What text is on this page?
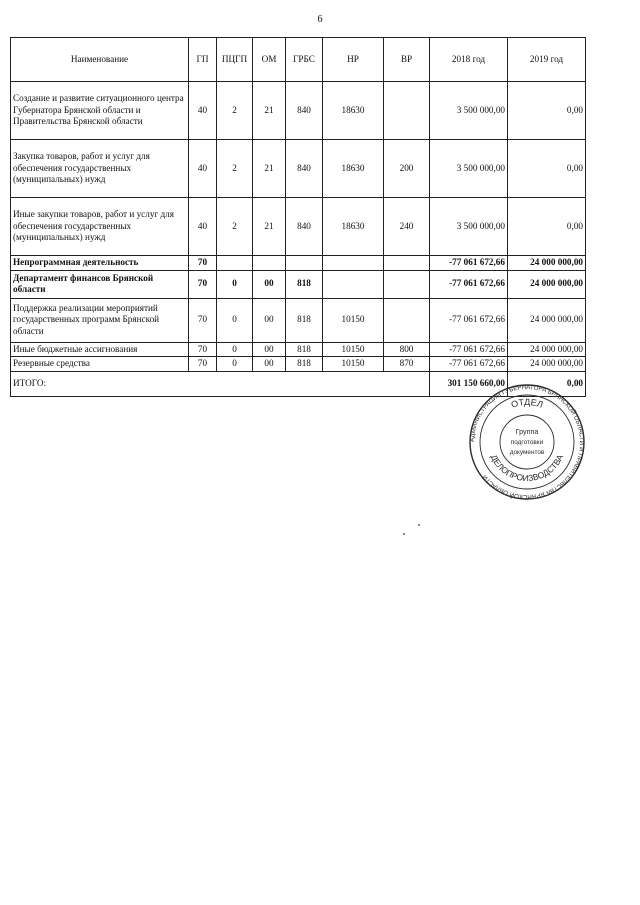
6
Наименование	ГП	ПЦГП	ОМ	ГРБС	НР	ВР	2018 год	2019 год
Создание и развитие ситуационного центра Губернатора Брянской области и Правительства Брянской области	40	2	21	840	18630		3 500 000,00	0,00
Закупка товаров, работ и услуг для обеспечения государственных (муниципальных) нужд	40	2	21	840	18630	200	3 500 000,00	0,00
Иные закупки товаров, работ и услуг для обеспечения государственных (муниципальных) нужд	40	2	21	840	18630	240	3 500 000,00	0,00
Непрограммная деятельность	70						-77 061 672,66	24 000 000,00
Департамент финансов Брянской области	70	0	00	818			-77 061 672,66	24 000 000,00
Поддержка реализации мероприятий государственных программ Брянской области	70	0	00	818	10150		-77 061 672,66	24 000 000,00
Иные бюджетные ассигнования	70	0	00	818	10150	800	-77 061 672,66	24 000 000,00
Резервные средства	70	0	00	818	10150	870	-77 061 672,66	24 000 000,00
ИТОГО:							301 150 660,00	0,00
АДМИНИСТРАЦИЯ ГУБЕРНАТОРА БРЯНСКОЙ ОБЛАСТИ И ПРАВИТЕЛЬСТВА БРЯНСКОЙ ОБЛАСТИ
ОТДЕЛ
ДЕЛОПРОИЗВОДСТВА
Группа
подготовки
документов
